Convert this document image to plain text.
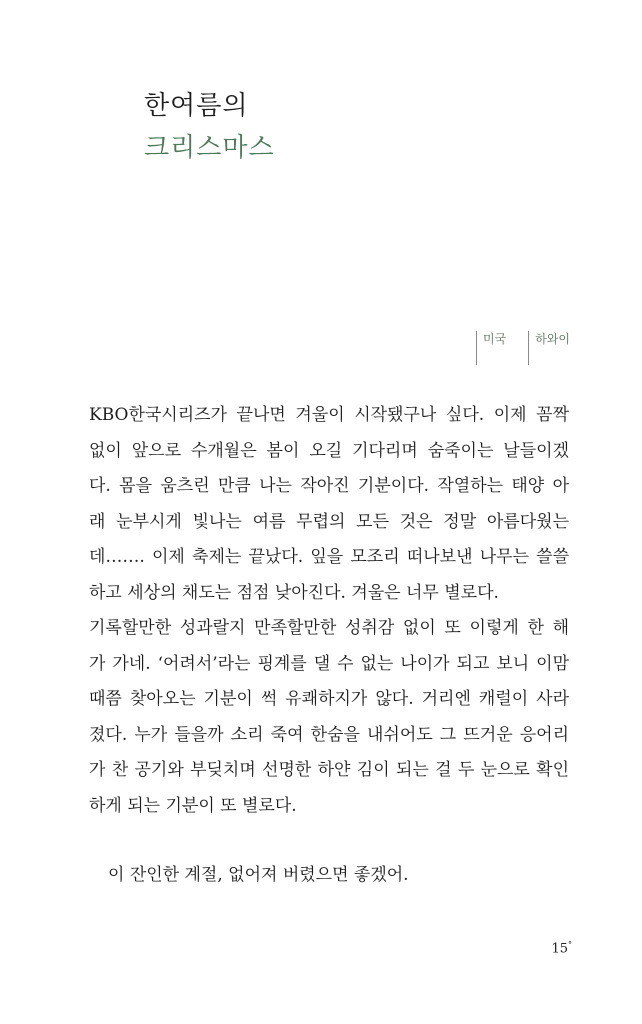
한여름의
크리스마스
미국	하와이
KBO한국시리즈가 끝나면 겨울이 시작됐구나 싶다. 이제 꼼짝
없이 앞으로 수개월은 봄이 오길 기다리며 숨죽이는 날들이겠
다. 몸을 움츠린 만큼 나는 작아진 기분이다. 작열하는 태양 아
래 눈부시게 빛나는 여름 무렵의 모든 것은 정말 아름다웠는
데……. 이제 축제는 끝났다. 잎을 모조리 떠나보낸 나무는 쓸쓸
하고 세상의 채도는 점점 낮아진다. 겨울은 너무 별로다.
기록할만한 성과랄지 만족할만한 성취감 없이 또 이렇게 한 해
가 가네. ‘어려서’라는 핑계를 댈 수 없는 나이가 되고 보니 이맘
때쯤 찾아오는 기분이 썩 유쾌하지가 않다. 거리엔 캐럴이 사라
졌다. 누가 들을까 소리 죽여 한숨을 내쉬어도 그 뜨거운 응어리
가 찬 공기와 부딪치며 선명한 하얀 김이 되는 걸 두 눈으로 확인
하게 되는 기분이 또 별로다.
이 잔인한 계절, 없어져 버렸으면 좋겠어.
15°
